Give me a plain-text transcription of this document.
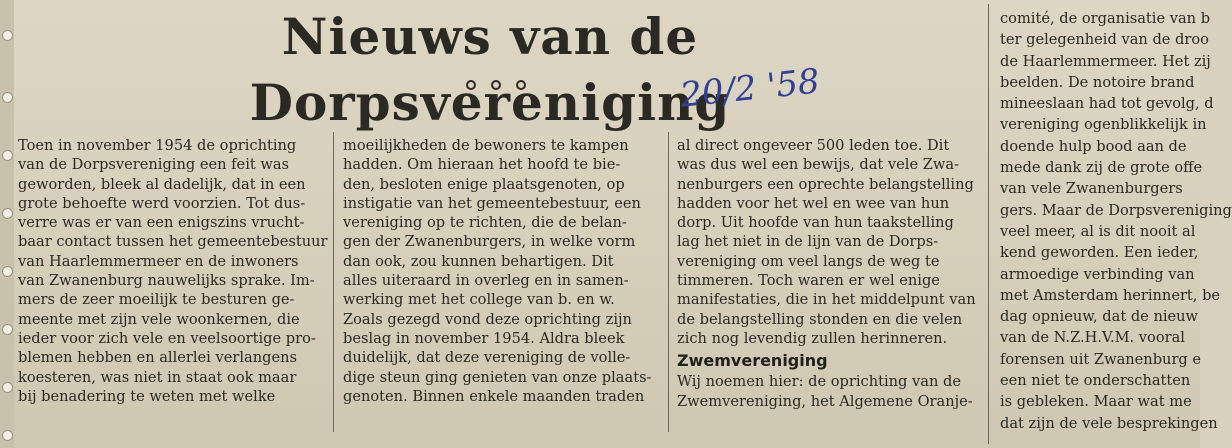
Nieuws van de Dorpsvereniging
20/2 '58
Toen in november 1954 de oprichting
van de Dorpsvereniging een feit was
geworden, bleek al dadelijk, dat in een
grote behoefte werd voorzien. Tot dus-
verre was er van een enigszins vrucht-
baar contact tussen het gemeentebestuur
van Haarlemmermeer en de inwoners
van Zwanenburg nauwelijks sprake. Im-
mers de zeer moeilijk te besturen ge-
meente met zijn vele woonkernen, die
ieder voor zich vele en veelsoortige pro-
blemen hebben en allerlei verlangens
koesteren, was niet in staat ook maar
bij benadering te weten met welke
moeilijkheden de bewoners te kampen
hadden. Om hieraan het hoofd te bie-
den, besloten enige plaatsgenoten, op
instigatie van het gemeentebestuur, een
vereniging op te richten, die de belan-
gen der Zwanenburgers, in welke vorm
dan ook, zou kunnen behartigen. Dit
alles uiteraard in overleg en in samen-
werking met het college van b. en w.
Zoals gezegd vond deze oprichting zijn
beslag in november 1954. Aldra bleek
duidelijk, dat deze vereniging de volle-
dige steun ging genieten van onze plaats-
genoten. Binnen enkele maanden traden
al direct ongeveer 500 leden toe. Dit
was dus wel een bewijs, dat vele Zwa-
nenburgers een oprechte belangstelling
hadden voor het wel en wee van hun
dorp. Uit hoofde van hun taakstelling
lag het niet in de lijn van de Dorps-
vereniging om veel langs de weg te
timmeren. Toch waren er wel enige
manifestaties, die in het middelpunt van
de belangstelling stonden en die velen
zich nog levendig zullen herinneren.
Zwemvereniging
Wij noemen hier: de oprichting van de
Zwemvereniging, het Algemene Oranje-
comité, de organisatie van b
ter gelegenheid van de droo
de Haarlemmermeer. Het zij
beelden. De notoire brand
mineeslaan had tot gevolg, d
vereniging ogenblikkelijk in
doende hulp bood aan de
mede dank zij de grote offe
van vele Zwanenburgers
gers. Maar de Dorpsvereniging
veel meer, al is dit nooit al
kend geworden. Een ieder,
armoedige verbinding van
met Amsterdam herinnert, be
dag opnieuw, dat de nieuw
van de N.Z.H.V.M. vooral
forensen uit Zwanenburg e
een niet te onderschatten
is gebleken. Maar wat me
dat zijn de vele besprekingen
